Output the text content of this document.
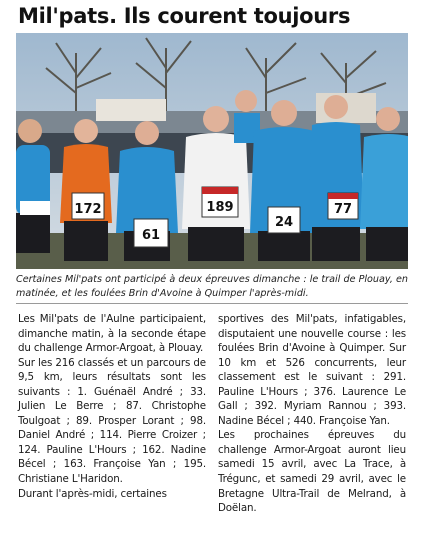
Mil'pats. Ils courent toujours
172
61
189
24
77
Certaines Mil'pats ont participé à deux épreuves dimanche : le trail de Plouay, en matinée, et les foulées Brin d'Avoine à Quimper l'après-midi.

Les Mil'pats de l'Aulne participaient, dimanche matin, à la seconde étape du challenge Armor-Argoat, à Plouay.

Sur les 216 classés et un parcours de 9,5 km, leurs résultats sont les suivants : 1. Guénaël André ; 33. Julien Le Berre ; 87. Christophe Toulgoat ; 89. Prosper Lorant ; 98. Daniel André ; 114. Pierre Croizer ; 124. Pauline L'Hours ; 162. Nadine Bécel ; 163. Françoise Yan ; 195. Christiane L'Haridon.

Durant l'après-midi, certaines

sportives des Mil'pats, infatigables, disputaient une nouvelle course : les foulées Brin d'Avoine à Quimper. Sur 10 km et 526 concurrents, leur classement est le suivant : 291. Pauline L'Hours ; 376. Laurence Le Gall ; 392. Myriam Rannou ; 393. Nadine Bécel ; 440. Françoise Yan.

Les prochaines épreuves du challenge Armor-Argoat auront lieu samedi 15 avril, avec La Trace, à Trégunc, et samedi 29 avril, avec le Bretagne Ultra-Trail de Melrand, à Doëlan.
